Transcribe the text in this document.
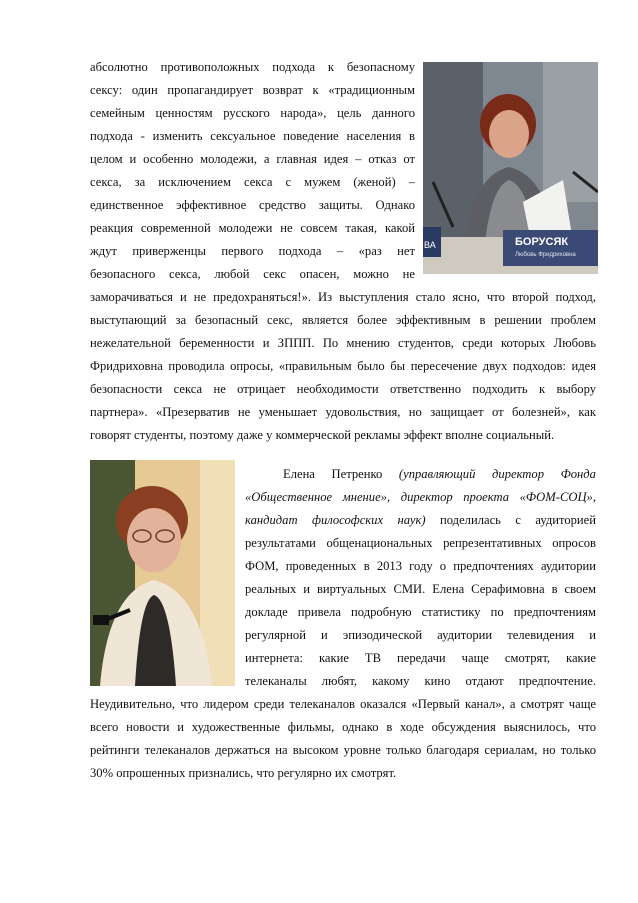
ВА	БОРУСЯК
Любовь Фридриховна
абсолютно противоположных подхода к безопасному
сексу: один пропагандирует возврат к «традиционным
семейным ценностям русского народа», цель данного
подхода - изменить сексуальное поведение населения в
целом и особенно молодежи, а главная идея – отказ от
секса, за исключением секса с мужем (женой) –
единственное эффективное средство защиты. Однако
реакция современной молодежи не совсем такая, какой
ждут приверженцы первого подхода – «раз нет
безопасного секса, любой секс опасен, можно не
заморачиваться и не предохраняться!». Из выступления стало ясно, что второй подход,
выступающий за безопасный секс, является более эффективным в решении проблем
нежелательной беременности и ЗППП. По мнению студентов, среди которых Любовь
Фридриховна проводила опросы, «правильным было бы пересечение двух подходов: идея
безопасности секса не отрицает необходимости ответственно подходить к выбору
партнера». «Презерватив не уменьшает удовольствия, но защищает от болезней», как
говорят студенты, поэтому даже у коммерческой рекламы эффект вполне социальный.
Елена Петренко (управляющий директор Фонда
«Общественное мнение», директор проекта «ФОМ-СОЦ»,
кандидат философских наук) поделилась с аудиторией
результатами общенациональных репрезентативных опросов
ФОМ, проведенных в 2013 году о предпочтениях аудитории
реальных и виртуальных СМИ. Елена Серафимовна в своем
докладе привела подробную статистику по предпочтениям
регулярной и эпизодической аудитории телевидения и
интернета: какие ТВ передачи чаще смотрят, какие
телеканалы любят, какому кино отдают предпочтение.
Неудивительно, что лидером среди телеканалов оказался «Первый канал», а смотрят чаще
всего новости и художественные фильмы, однако в ходе обсуждения выяснилось, что
рейтинги телеканалов держаться на высоком уровне только благодаря сериалам, но только
30% опрошенных признались, что регулярно их смотрят.
